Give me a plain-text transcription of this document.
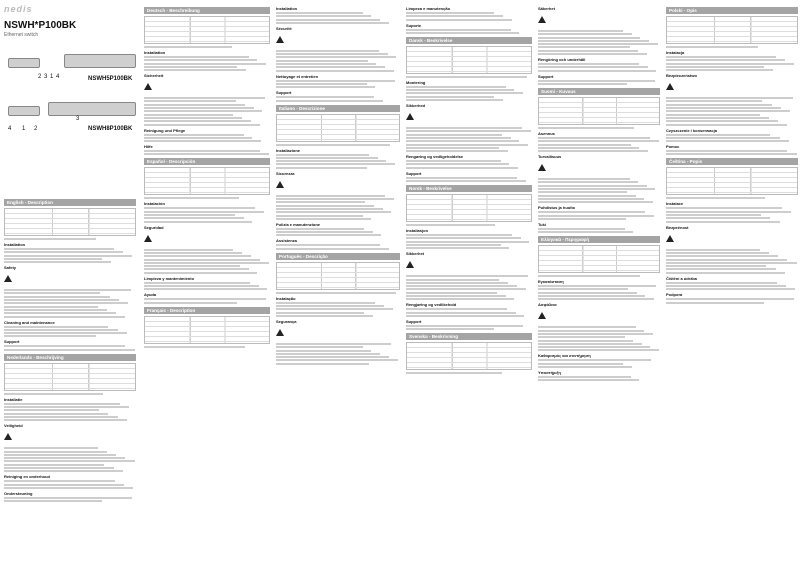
nedis
NSWH*P100BK
Ethernet switch
2 3 1 4	NSWH5P100BK
4 1 2
3
NSWH8P100BK
English - Description
Installation
Safety
Cleaning and maintenance
Support
Nederlands - Beschrijving
Installatie
Veiligheid
Reiniging en onderhoud
Ondersteuning
Deutsch - Beschreibung
Installation
Sicherheit
Reinigung und Pflege
Hilfe
Español - Descripción
Instalación
Seguridad
Limpieza y mantenimiento
Ayuda
Français - Description
Installation
Sécurité
Nettoyage et entretien
Support
Italiano - Descrizione
Installazione
Sicurezza
Pulizia e manutenzione
Assistenza
Português - Descrição
Instalação
Segurança
Limpeza e manutenção
Suporte
Dansk - Beskrivelse
Montering
Sikkerhed
Rengøring og vedligeholdelse
Support
Norsk - Beskrivelse
Installasjon
Sikkerhet
Rengjøring og vedlikehold
Support
Svenska - Beskrivning
Säkerhet
Rengöring och underhåll
Support
Suomi - Kuvaus
Asennus
Turvallisuus
Puhdistus ja huolto
Tuki
Ελληνικά - Περιγραφή
Εγκατάσταση
Ασφάλεια
Καθαρισμός και συντήρηση
Υποστήριξη
Polski - Opis
Instalacja
Bezpieczeństwo
Czyszczenie i konserwacja
Pomoc
Čeština - Popis
Instalace
Bezpečnost
Čištění a údržba
Podpora
